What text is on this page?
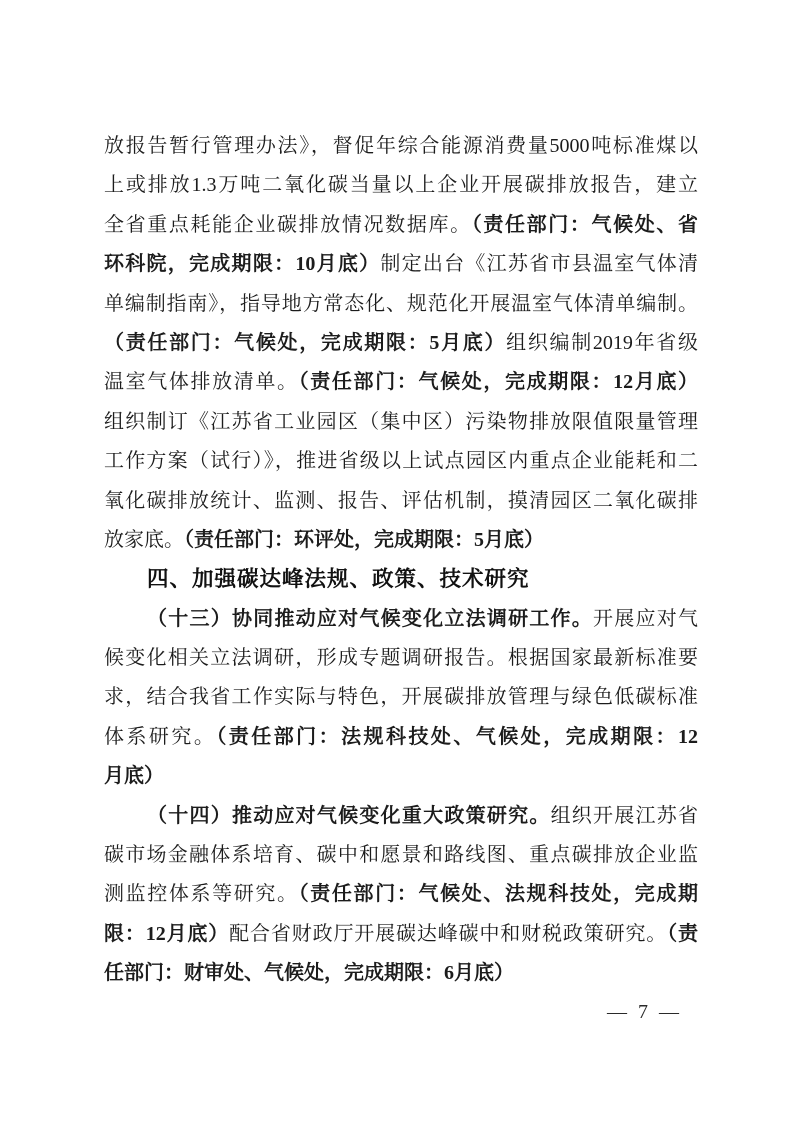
放报告暂行管理办法》，督促年综合能源消费量5000吨标准煤以
上或排放1.3万吨二氧化碳当量以上企业开展碳排放报告，建立
全省重点耗能企业碳排放情况数据库。（责任部门：气候处、省
环科院，完成期限：10月底）制定出台《江苏省市县温室气体清
单编制指南》，指导地方常态化、规范化开展温室气体清单编制。
（责任部门：气候处，完成期限：5月底）组织编制2019年省级
温室气体排放清单。（责任部门：气候处，完成期限：12月底）
组织制订《江苏省工业园区（集中区）污染物排放限值限量管理
工作方案（试行）》，推进省级以上试点园区内重点企业能耗和二
氧化碳排放统计、监测、报告、评估机制，摸清园区二氧化碳排
放家底。（责任部门：环评处，完成期限：5月底）
四、加强碳达峰法规、政策、技术研究
（十三）协同推动应对气候变化立法调研工作。开展应对气
候变化相关立法调研，形成专题调研报告。根据国家最新标准要
求，结合我省工作实际与特色，开展碳排放管理与绿色低碳标准
体系研究。（责任部门：法规科技处、气候处，完成期限：12
月底）
（十四）推动应对气候变化重大政策研究。组织开展江苏省
碳市场金融体系培育、碳中和愿景和路线图、重点碳排放企业监
测监控体系等研究。（责任部门：气候处、法规科技处，完成期
限：12月底）配合省财政厅开展碳达峰碳中和财税政策研究。（责
任部门：财审处、气候处，完成期限：6月底）
— 7 —
